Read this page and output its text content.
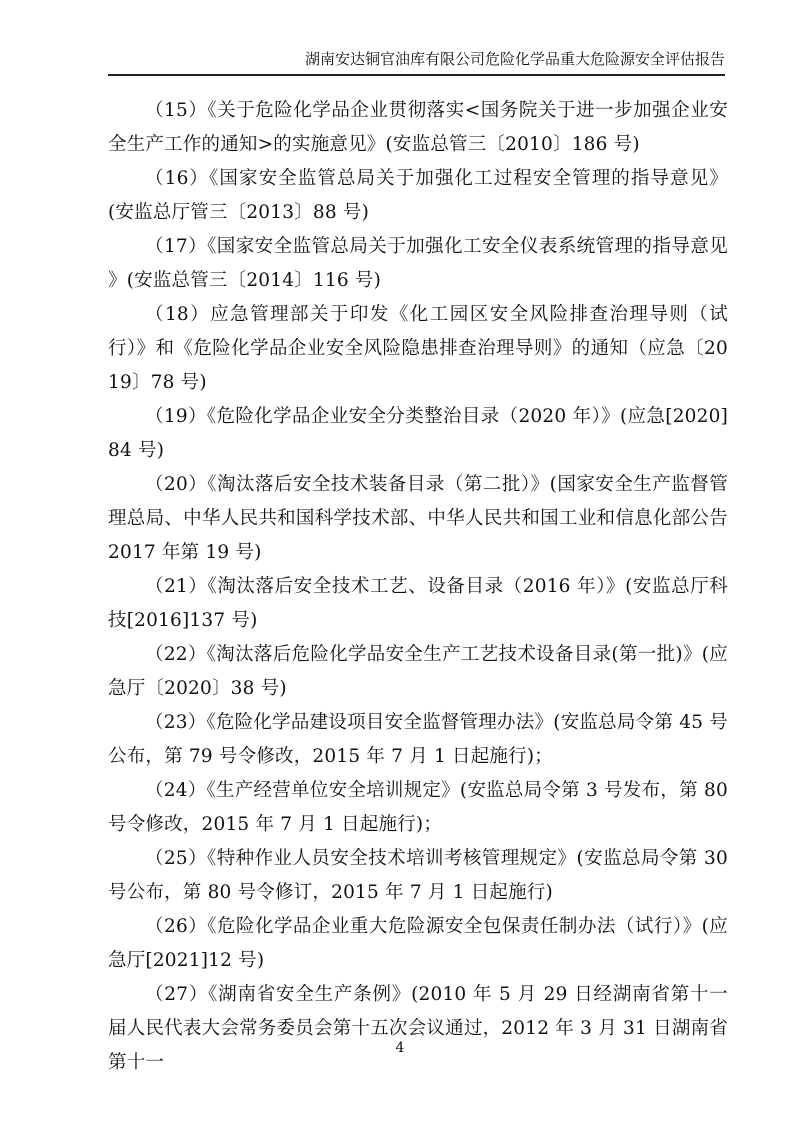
湖南安达铜官油库有限公司危险化学品重大危险源安全评估报告

（15）《关于危险化学品企业贯彻落实<国务院关于进一步加强企业安全生产工作的通知>的实施意见》(安监总管三〔2010〕186 号)

（16）《国家安全监管总局关于加强化工过程安全管理的指导意见》(安监总厅管三〔2013〕88 号)

（17）《国家安全监管总局关于加强化工安全仪表系统管理的指导意见 》(安监总管三〔2014〕116 号)

（18）应急管理部关于印发《化工园区安全风险排查治理导则（试行）》和《危险化学品企业安全风险隐患排查治理导则》的通知（应急〔2019〕78 号)

（19）《危险化学品企业安全分类整治目录（2020 年）》(应急[2020]84 号)

（20）《淘汰落后安全技术装备目录（第二批）》(国家安全生产监督管理总局、中华人民共和国科学技术部、中华人民共和国工业和信息化部公告 2017 年第 19 号)

（21）《淘汰落后安全技术工艺、设备目录（2016 年）》(安监总厅科技[2016]137 号)

（22）《淘汰落后危险化学品安全生产工艺技术设备目录(第一批)》(应急厅〔2020〕38 号)

（23）《危险化学品建设项目安全监督管理办法》(安监总局令第 45 号公布，第 79 号令修改，2015 年 7 月 1 日起施行)；

（24）《生产经营单位安全培训规定》(安监总局令第 3 号发布，第 80 号令修改，2015 年 7 月 1 日起施行)；

（25）《特种作业人员安全技术培训考核管理规定》(安监总局令第 30 号公布，第 80 号令修订，2015 年 7 月 1 日起施行)

（26）《危险化学品企业重大危险源安全包保责任制办法（试行）》(应急厅[2021]12 号)

（27）《湖南省安全生产条例》(2010 年 5 月 29 日经湖南省第十一届人民代表大会常务委员会第十五次会议通过，2012 年 3 月 31 日湖南省第十一

4
